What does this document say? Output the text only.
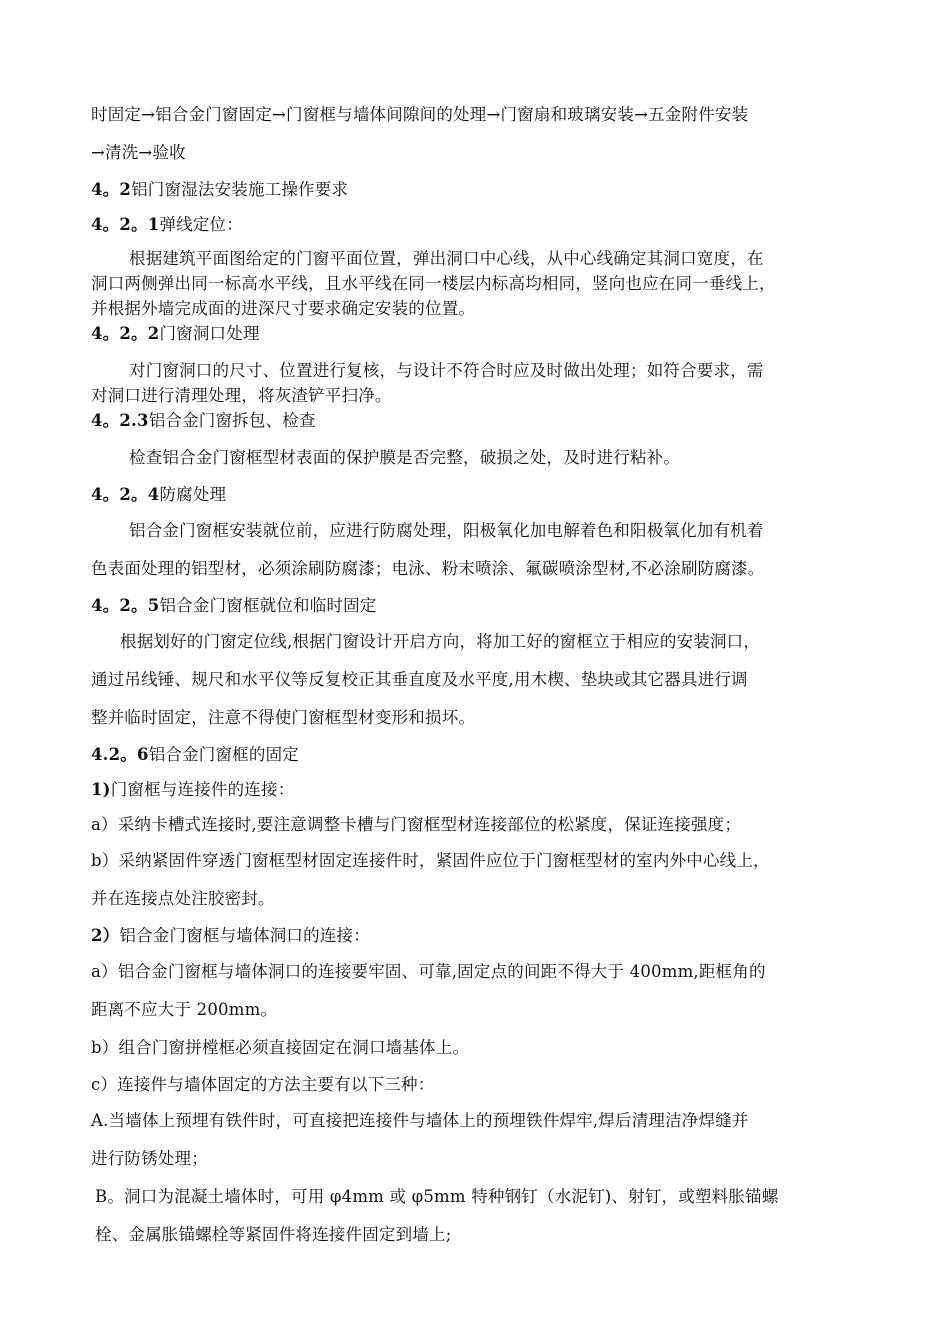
时固定→铝合金门窗固定→门窗框与墙体间隙间的处理→门窗扇和玻璃安装→五金附件安装
→清洗→验收
4。2铝门窗湿法安装施工操作要求
4。2。1弹线定位：
根据建筑平面图给定的门窗平面位置，弹出洞口中心线，从中心线确定其洞口宽度，在
洞口两侧弹出同一标高水平线，且水平线在同一楼层内标高均相同，竖向也应在同一垂线上，
并根据外墙完成面的进深尺寸要求确定安装的位置。
4。2。2门窗洞口处理
对门窗洞口的尺寸、位置进行复核，与设计不符合时应及时做出处理；如符合要求，需
对洞口进行清理处理，将灰渣铲平扫净。
4。2.3铝合金门窗拆包、检查
检查铝合金门窗框型材表面的保护膜是否完整，破损之处，及时进行粘补。
4。2。4防腐处理
铝合金门窗框安装就位前，应进行防腐处理，阳极氧化加电解着色和阳极氧化加有机着
色表面处理的铝型材，必须涂刷防腐漆；电泳、粉末喷涂、氟碳喷涂型材,不必涂刷防腐漆。
4。2。5铝合金门窗框就位和临时固定
根据划好的门窗定位线,根据门窗设计开启方向，将加工好的窗框立于相应的安装洞口，
通过吊线锤、规尺和水平仪等反复校正其垂直度及水平度,用木楔、垫块或其它器具进行调
整并临时固定，注意不得使门窗框型材变形和损坏。
4.2。6铝合金门窗框的固定
1)门窗框与连接件的连接：
a）采纳卡槽式连接时,要注意调整卡槽与门窗框型材连接部位的松紧度，保证连接强度；
b）采纳紧固件穿透门窗框型材固定连接件时，紧固件应位于门窗框型材的室内外中心线上，
并在连接点处注胶密封。
2）铝合金门窗框与墙体洞口的连接：
a）铝合金门窗框与墙体洞口的连接要牢固、可靠,固定点的间距不得大于 400mm,距框角的
距离不应大于 200mm。
b）组合门窗拼樘框必须直接固定在洞口墙基体上。
c）连接件与墙体固定的方法主要有以下三种：
A.当墙体上预埋有铁件时，可直接把连接件与墙体上的预埋铁件焊牢,焊后清理洁净焊缝并
进行防锈处理；
B。洞口为混凝土墙体时，可用 φ4mm 或 φ5mm 特种钢钉（水泥钉)、射钉，或塑料胀锚螺
栓、金属胀锚螺栓等紧固件将连接件固定到墙上;
